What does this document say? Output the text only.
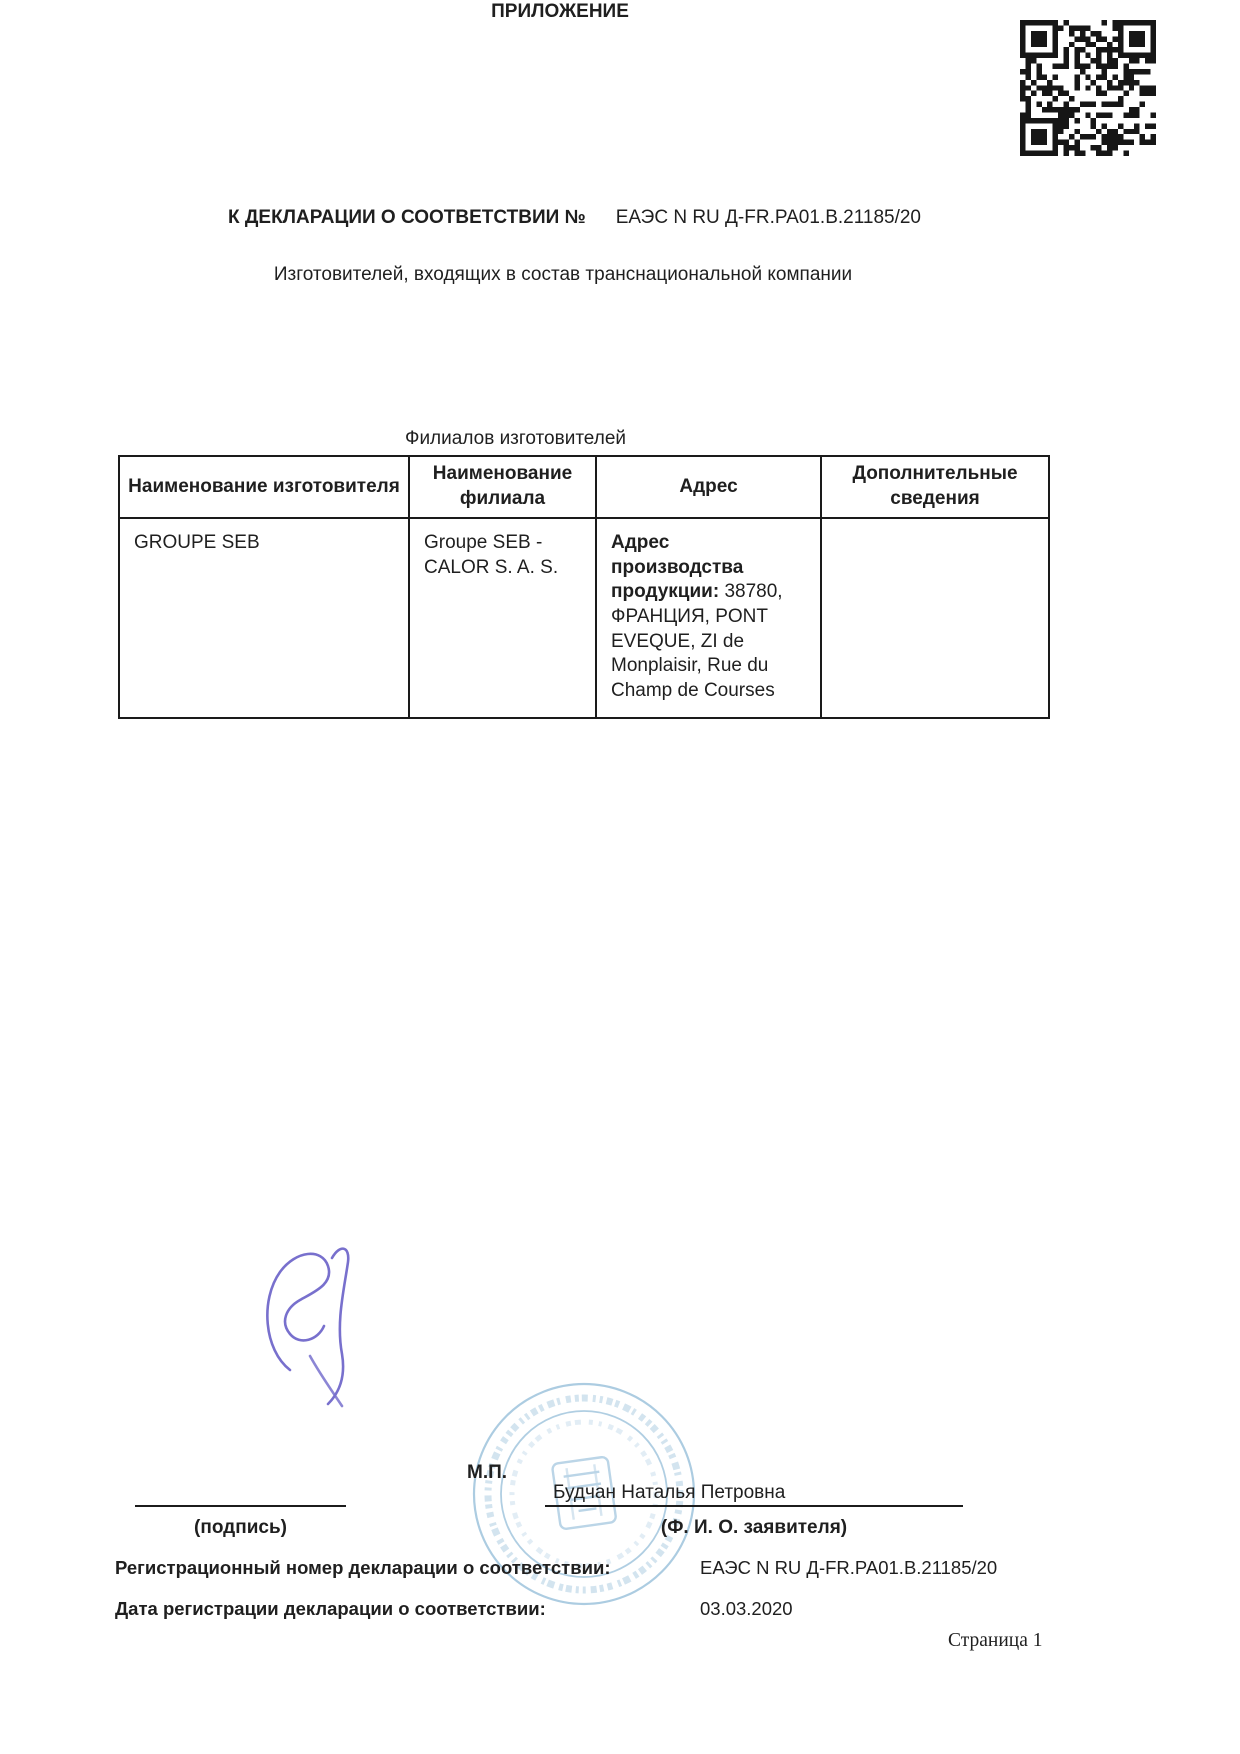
ПРИЛОЖЕНИЕ
К ДЕКЛАРАЦИИ О СООТВЕТСТВИИ № ЕАЭС N RU Д-FR.PA01.B.21185/20
Изготовителей, входящих в состав транснациональной компании
Филиалов изготовителей
Наименование изготовителя	Наименование филиала	Адрес	Дополнительные сведения
GROUPE SEB	Groupe SEB - CALOR S. A. S.	Адрес производства продукции: 38780, ФРАНЦИЯ, PONT EVEQUE, ZI de Monplaisir, Rue du Champ de Courses	
М.П.
Будчан Наталья Петровна
(подпись)	(Ф. И. О. заявителя)
Регистрационный номер декларации о соответствии:	ЕАЭС N RU Д-FR.PA01.B.21185/20
Дата регистрации декларации о соответствии:	03.03.2020
Страница 1
